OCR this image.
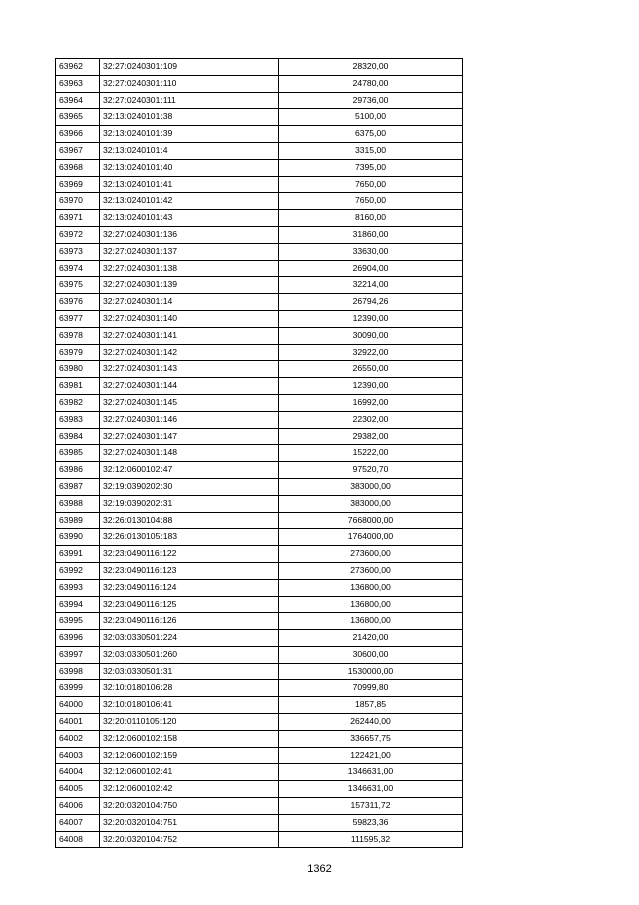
63962	32:27:0240301:109	28320,00
63963	32:27:0240301:110	24780,00
63964	32:27:0240301:111	29736,00
63965	32:13:0240101:38	5100,00
63966	32:13:0240101:39	6375,00
63967	32:13:0240101:4	3315,00
63968	32:13:0240101:40	7395,00
63969	32:13:0240101:41	7650,00
63970	32:13:0240101:42	7650,00
63971	32:13:0240101:43	8160,00
63972	32:27:0240301:136	31860,00
63973	32:27:0240301:137	33630,00
63974	32:27:0240301:138	26904,00
63975	32:27:0240301:139	32214,00
63976	32:27:0240301:14	26794,26
63977	32:27:0240301:140	12390,00
63978	32:27:0240301:141	30090,00
63979	32:27:0240301:142	32922,00
63980	32:27:0240301:143	26550,00
63981	32:27:0240301:144	12390,00
63982	32:27:0240301:145	16992,00
63983	32:27:0240301:146	22302,00
63984	32:27:0240301:147	29382,00
63985	32:27:0240301:148	15222,00
63986	32:12:0600102:47	97520,70
63987	32:19:0390202:30	383000,00
63988	32:19:0390202:31	383000,00
63989	32:26:0130104:88	7668000,00
63990	32:26:0130105:183	1764000,00
63991	32:23:0490116:122	273600,00
63992	32:23:0490116:123	273600,00
63993	32:23:0490116:124	136800,00
63994	32:23:0490116:125	136800,00
63995	32:23:0490116:126	136800,00
63996	32:03:0330501:224	21420,00
63997	32:03:0330501:260	30600,00
63998	32:03:0330501:31	1530000,00
63999	32:10:0180106:28	70999,80
64000	32:10:0180106:41	1857,85
64001	32:20:0110105:120	262440,00
64002	32:12:0600102:158	336657,75
64003	32:12:0600102:159	122421,00
64004	32:12:0600102:41	1346631,00
64005	32:12:0600102:42	1346631,00
64006	32:20:0320104:750	157311,72
64007	32:20:0320104:751	59823,36
64008	32:20:0320104:752	111595,32
1362
